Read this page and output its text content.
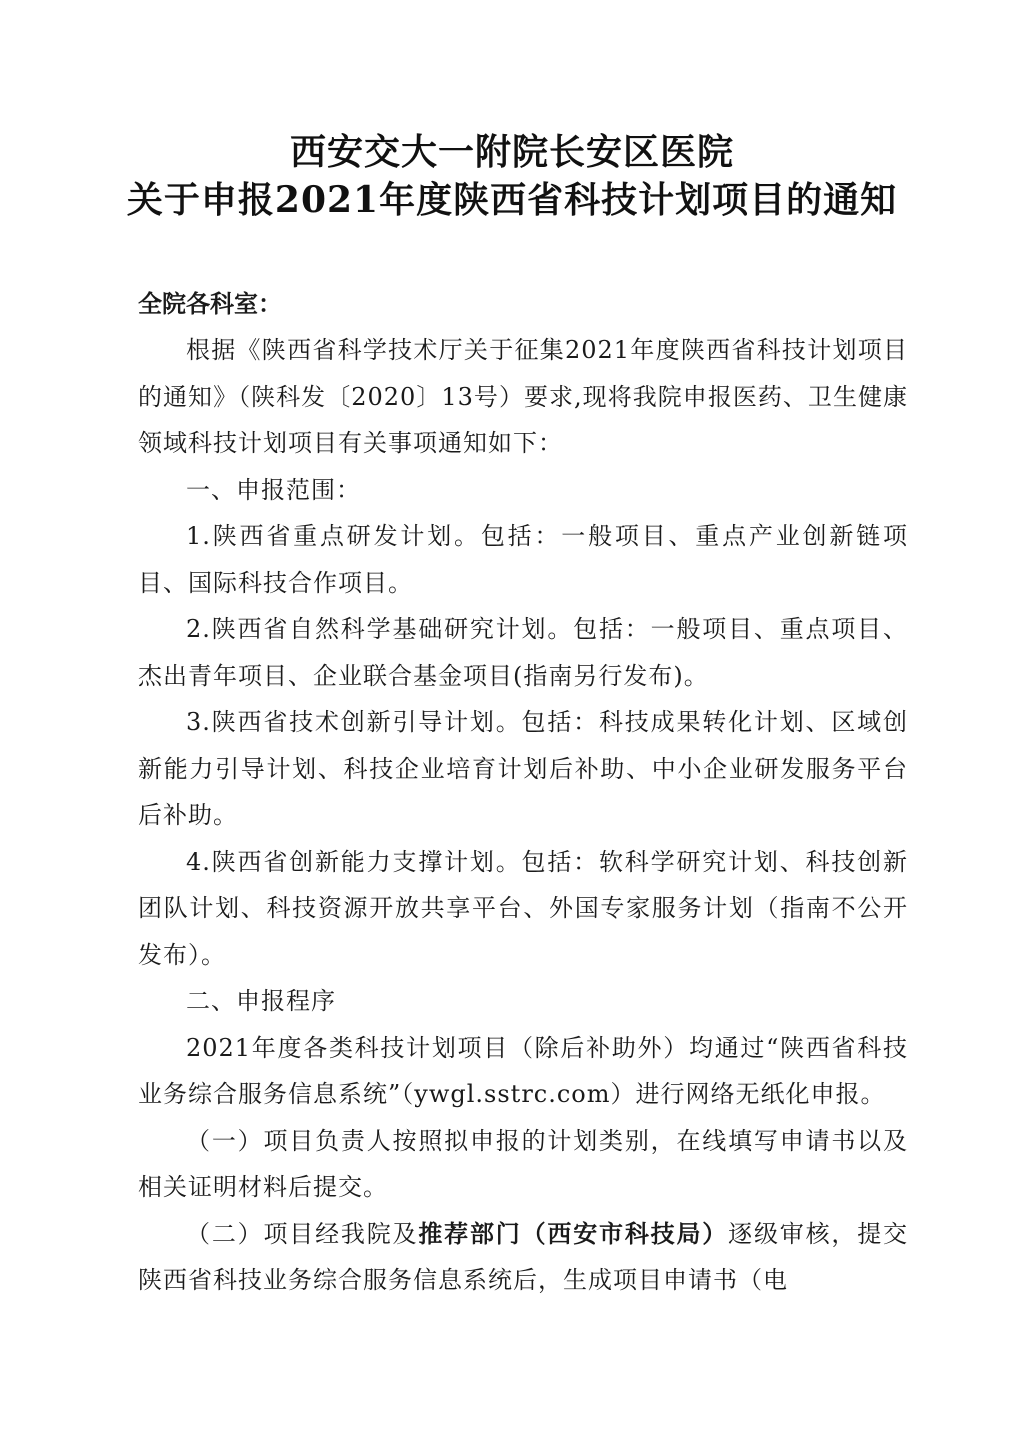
西安交大一附院长安区医院
关于申报2021年度陕西省科技计划项目的通知
全院各科室：

根据《陕西省科学技术厅关于征集2021年度陕西省科技计划项目的通知》（陕科发〔2020〕13号）要求,现将我院申报医药、卫生健康领域科技计划项目有关事项通知如下：

一、申报范围：

1.陕西省重点研发计划。包括：一般项目、重点产业创新链项目、国际科技合作项目。

2.陕西省自然科学基础研究计划。包括：一般项目、重点项目、杰出青年项目、企业联合基金项目(指南另行发布)。

3.陕西省技术创新引导计划。包括：科技成果转化计划、区域创新能力引导计划、科技企业培育计划后补助、中小企业研发服务平台后补助。

4.陕西省创新能力支撑计划。包括：软科学研究计划、科技创新团队计划、科技资源开放共享平台、外国专家服务计划（指南不公开发布）。

二、申报程序

2021年度各类科技计划项目（除后补助外）均通过“陕西省科技业务综合服务信息系统”（ywgl.sstrc.com）进行网络无纸化申报。

（一）项目负责人按照拟申报的计划类别，在线填写申请书以及相关证明材料后提交。

（二）项目经我院及推荐部门（西安市科技局）逐级审核，提交陕西省科技业务综合服务信息系统后，生成项目申请书（电
